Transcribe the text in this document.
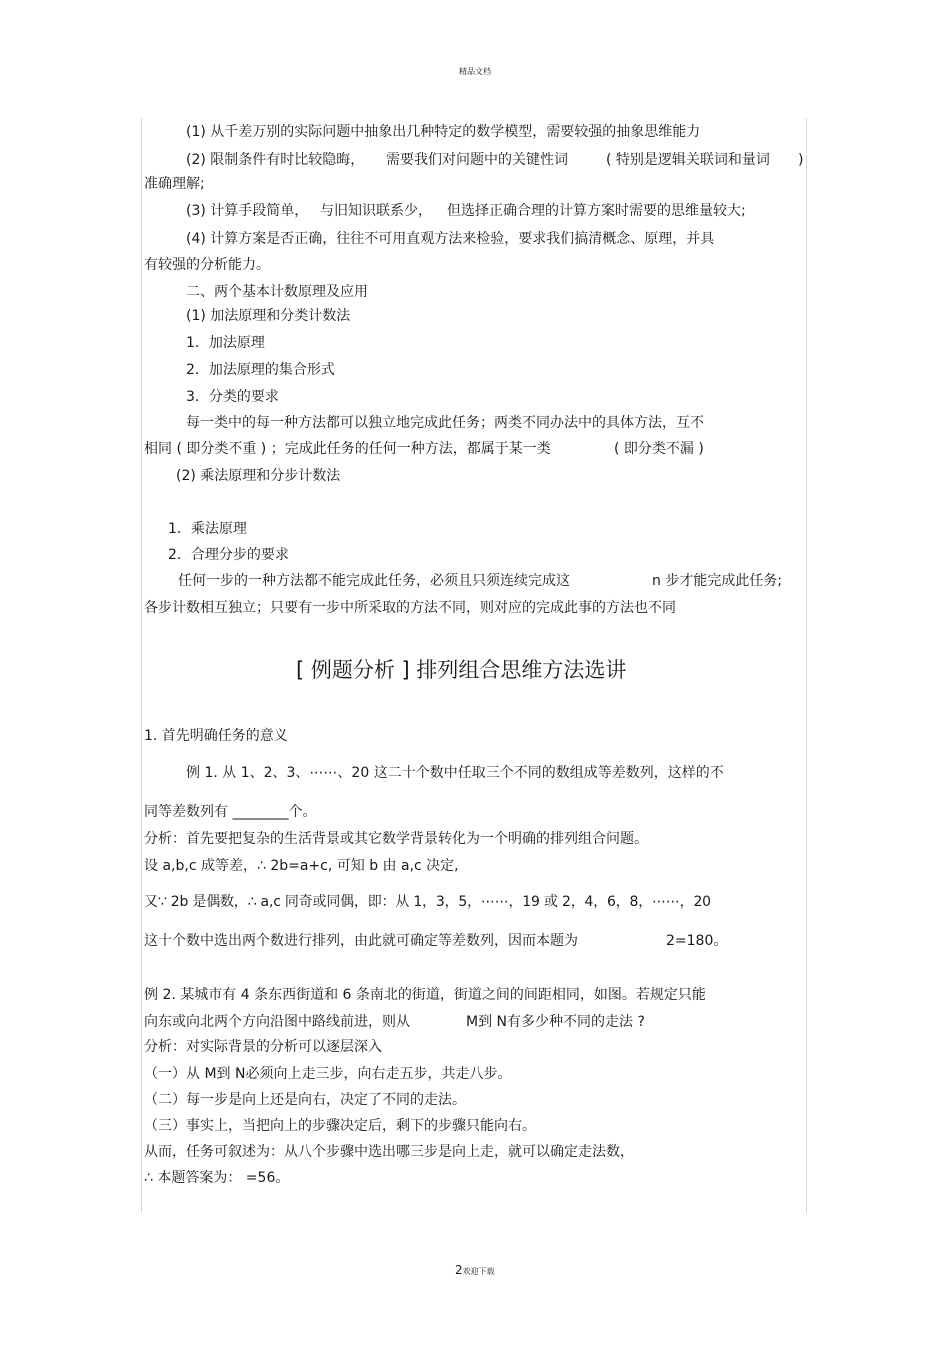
精品文档
(1) 从千差万别的实际问题中抽象出几种特定的数学模型，需要较强的抽象思维能力
(2) 限制条件有时比较隐晦， 需要我们对问题中的关键性词	( 特别是逻辑关联词和量词 )
准确理解;
(3) 计算手段简单， 与旧知识联系少， 但选择正确合理的计算方案时需要的思维量较大;
(4) 计算方案是否正确，往往不可用直观方法来检验，要求我们搞清概念、原理，并具
有较强的分析能力。
二、两个基本计数原理及应用
(1) 加法原理和分类计数法
1．加法原理
2．加法原理的集合形式
3．分类的要求
每一类中的每一种方法都可以独立地完成此任务；两类不同办法中的具体方法，互不
相同 ( 即分类不重 ) ；完成此任务的任何一种方法，都属于某一类	( 即分类不漏 )
(2) 乘法原理和分步计数法
1．乘法原理
2．合理分步的要求
任何一步的一种方法都不能完成此任务，必须且只须连续完成这	n 步才能完成此任务;
各步计数相互独立；只要有一步中所采取的方法不同，则对应的完成此事的方法也不同
[ 例题分析 ] 排列组合思维方法选讲
1. 首先明确任务的意义
例 1. 从 1、2、3、⋯⋯、20 这二十个数中任取三个不同的数组成等差数列，这样的不
同等差数列有 ________个。
分析：首先要把复杂的生活背景或其它数学背景转化为一个明确的排列组合问题。
设 a,b,c 成等差，∴ 2b=a+c, 可知 b 由 a,c 决定,
又∵ 2b 是偶数，∴ a,c 同奇或同偶，即：从 1，3，5，⋯⋯，19 或 2，4，6，8，⋯⋯，20
这十个数中选出两个数进行排列，由此就可确定等差数列，因而本题为	2=180。
例 2. 某城市有 4 条东西街道和 6 条南北的街道，街道之间的间距相同，如图。若规定只能
向东或向北两个方向沿图中路线前进，则从	M到 N有多少种不同的走法 ?
分析：对实际背景的分析可以逐层深入
（一）从 M到 N必须向上走三步，向右走五步，共走八步。
（二）每一步是向上还是向右，决定了不同的走法。
（三）事实上，当把向上的步骤决定后，剩下的步骤只能向右。
从而，任务可叙述为：从八个步骤中选出哪三步是向上走，就可以确定走法数，
∴ 本题答案为： =56。
2欢迎下载
